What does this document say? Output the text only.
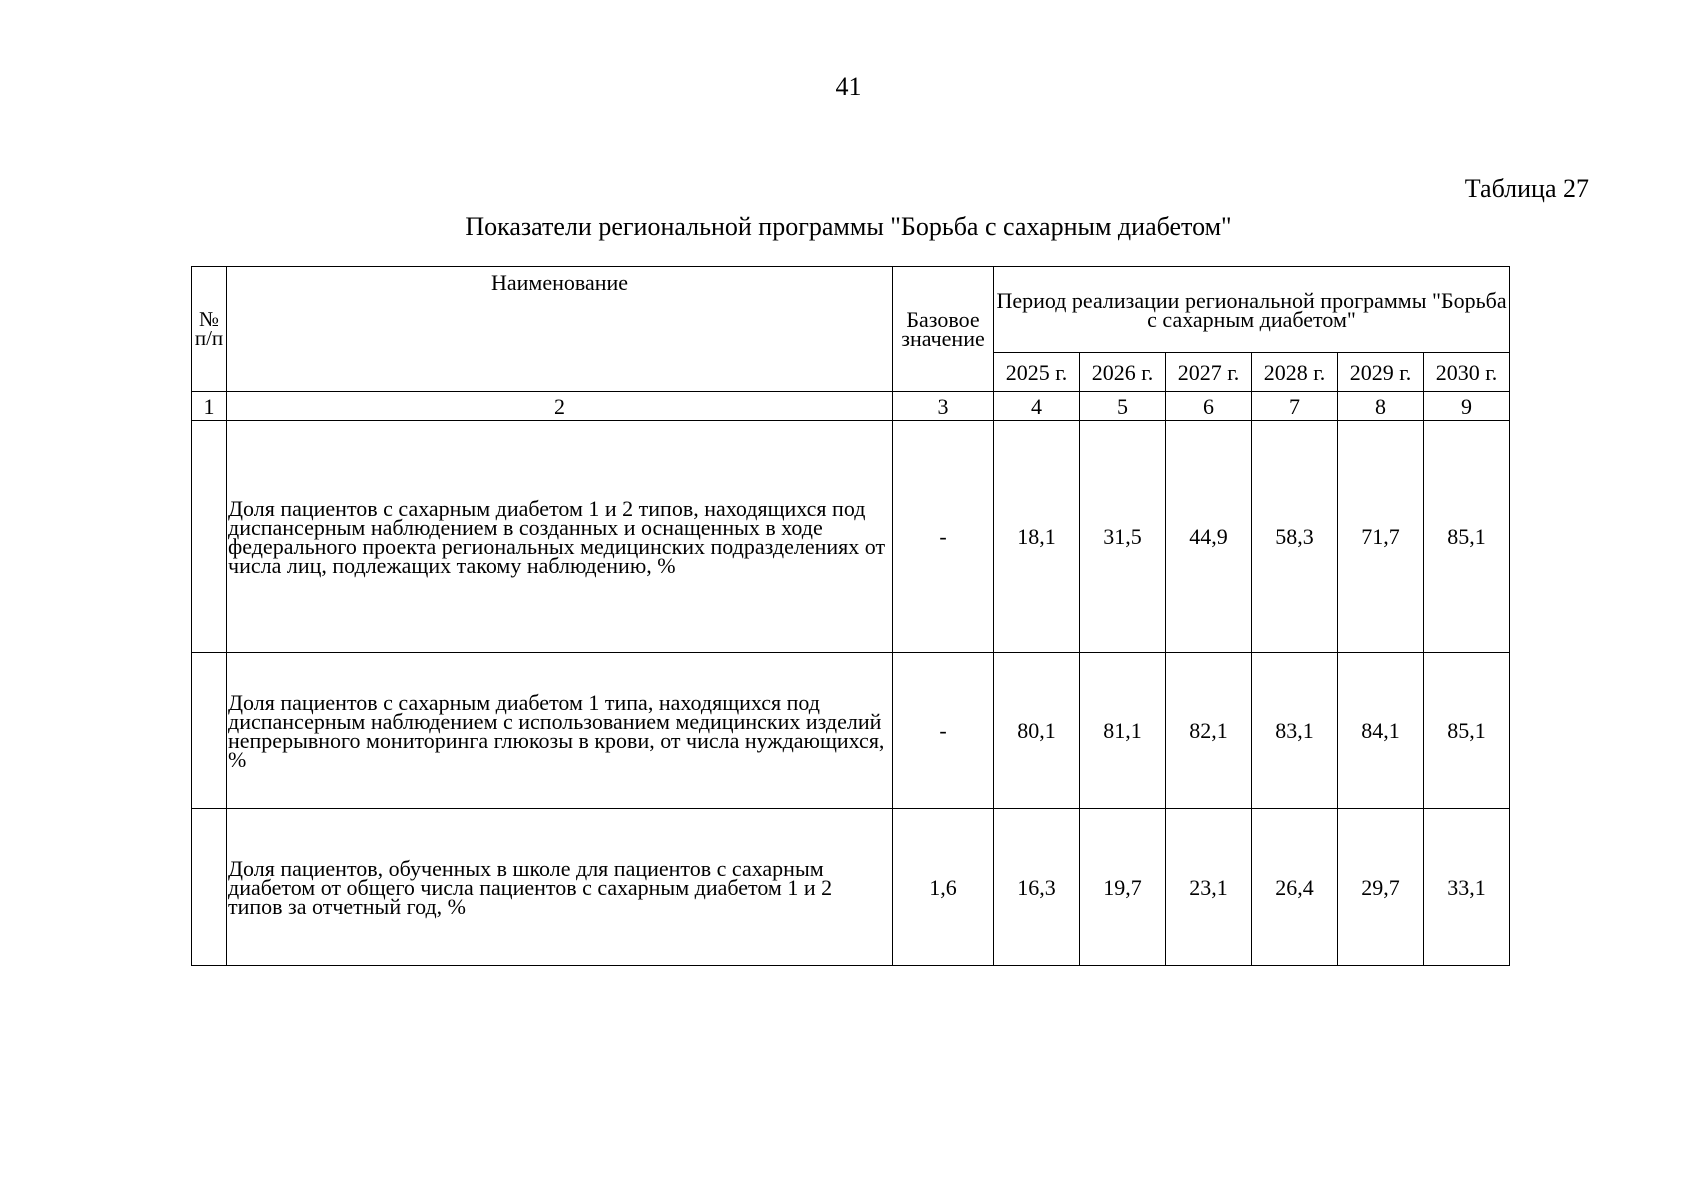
41
Таблица 27
Показатели региональной программы "Борьба с сахарным диабетом"
№ п/п	Наименование	Базовое значение	Период реализации региональной программы "Борьба с сахарным диабетом"					
			2025 г.	2026 г.	2027 г.	2028 г.	2029 г.	2030 г.
1	2	3	4	5	6	7	8	9
	Доля пациентов с сахарным диабетом 1 и 2 типов, находящихся под диспансерным наблюдением в созданных и оснащенных в ходе федерального проекта региональных медицинских подразделениях от числа лиц, подлежащих такому наблюдению, %	-	18,1	31,5	44,9	58,3	71,7	85,1
	Доля пациентов с сахарным диабетом 1 типа, находящихся под диспансерным наблюдением с использованием медицинских изделий непрерывного мониторинга глюкозы в крови, от числа нуждающихся, %	-	80,1	81,1	82,1	83,1	84,1	85,1
	Доля пациентов, обученных в школе для пациентов с сахарным диабетом от общего числа пациентов с сахарным диабетом 1 и 2 типов за отчетный год, %	1,6	16,3	19,7	23,1	26,4	29,7	33,1
